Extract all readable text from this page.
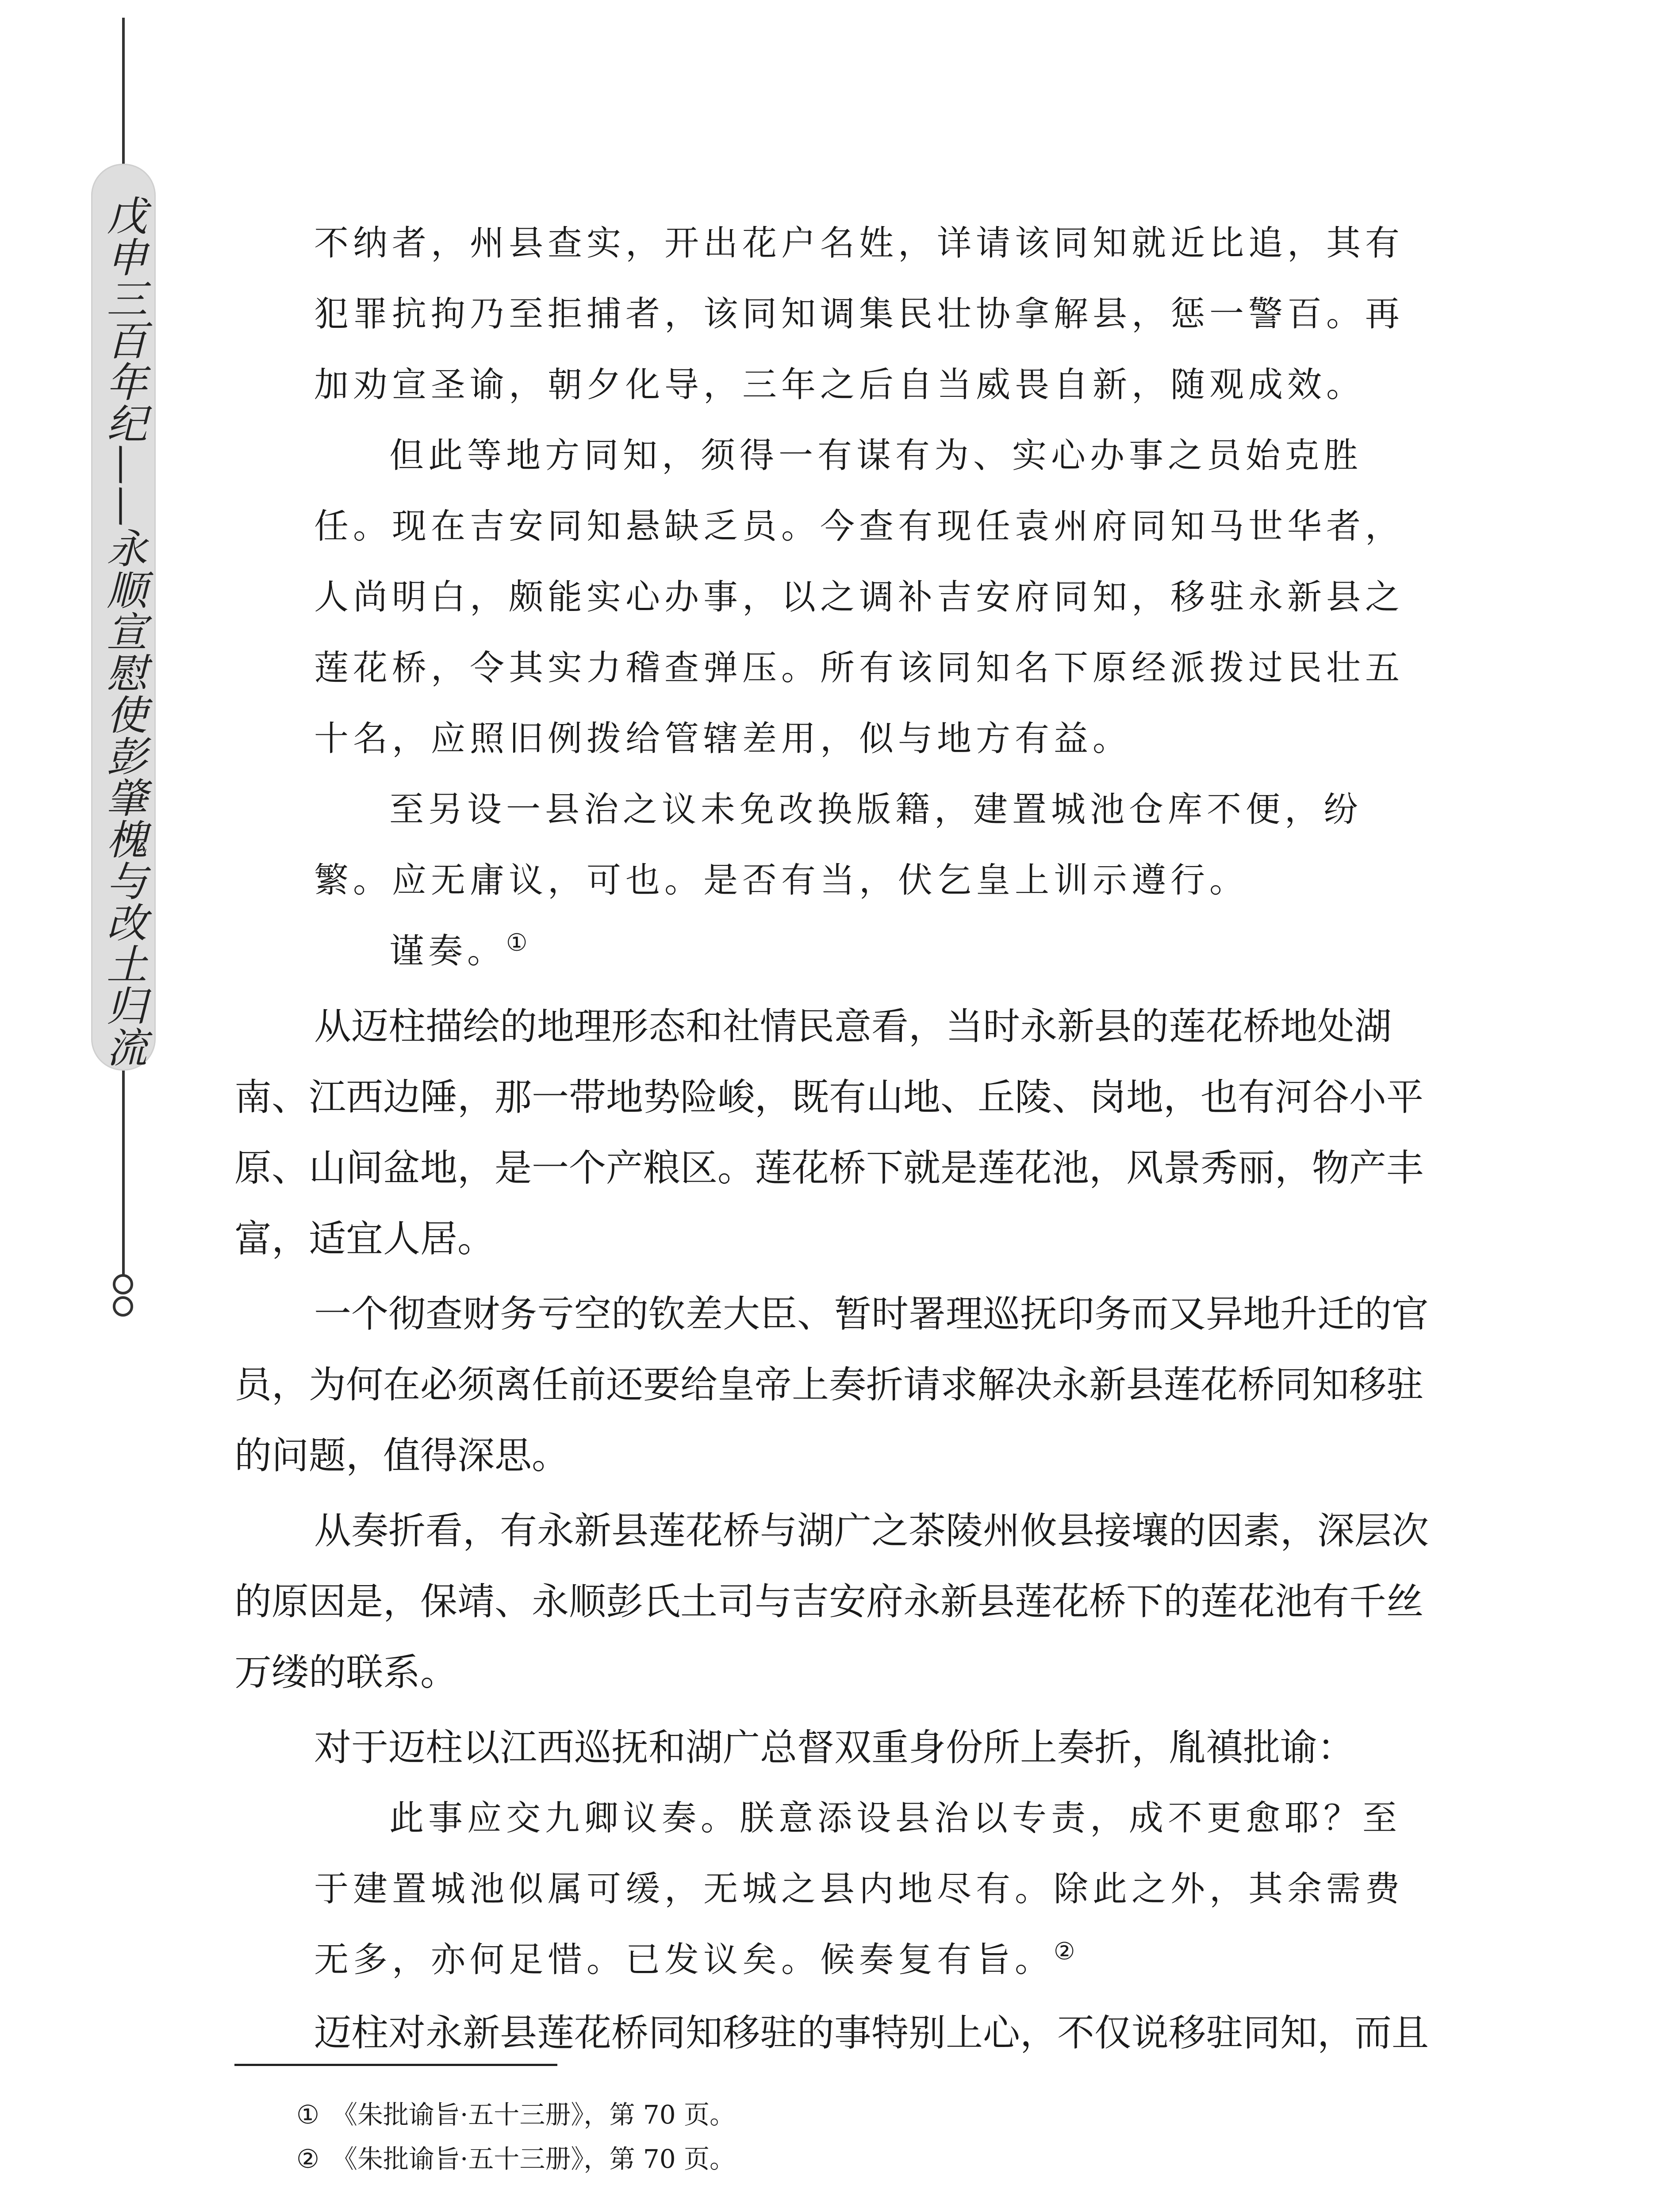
戊申三百年纪——永顺宣慰使彭肇槐与改土归流	不纳者，州县查实，开出花户名姓，详请该同知就近比追，其有
犯罪抗拘乃至拒捕者，该同知调集民壮协拿解县，惩一警百。再
加劝宣圣谕，朝夕化导，三年之后自当威畏自新，随观成效。
但此等地方同知，须得一有谋有为、实心办事之员始克胜
任。现在吉安同知悬缺乏员。今查有现任袁州府同知马世华者，
人尚明白，颇能实心办事，以之调补吉安府同知，移驻永新县之
莲花桥，令其实力稽查弹压。所有该同知名下原经派拨过民壮五
十名，应照旧例拨给管辖差用，似与地方有益。
至另设一县治之议未免改换版籍，建置城池仓库不便，纷
繁。应无庸议，可也。是否有当，伏乞皇上训示遵行。
谨奏。①
从迈柱描绘的地理形态和社情民意看，当时永新县的莲花桥地处湖
南、江西边陲，那一带地势险峻，既有山地、丘陵、岗地，也有河谷小平
原、山间盆地，是一个产粮区。莲花桥下就是莲花池，风景秀丽，物产丰
富，适宜人居。
一个彻查财务亏空的钦差大臣、暂时署理巡抚印务而又异地升迁的官
员，为何在必须离任前还要给皇帝上奏折请求解决永新县莲花桥同知移驻
的问题，值得深思。
从奏折看，有永新县莲花桥与湖广之茶陵州攸县接壤的因素，深层次
的原因是，保靖、永顺彭氏土司与吉安府永新县莲花桥下的莲花池有千丝
万缕的联系。
对于迈柱以江西巡抚和湖广总督双重身份所上奏折，胤禛批谕：
此事应交九卿议奏。朕意添设县治以专责，成不更愈耶？至
于建置城池似属可缓，无城之县内地尽有。除此之外，其余需费
无多，亦何足惜。已发议矣。候奏复有旨。②
迈柱对永新县莲花桥同知移驻的事特别上心，不仅说移驻同知，而且
① 《朱批谕旨·五十三册》，第 70 页。
② 《朱批谕旨·五十三册》，第 70 页。
